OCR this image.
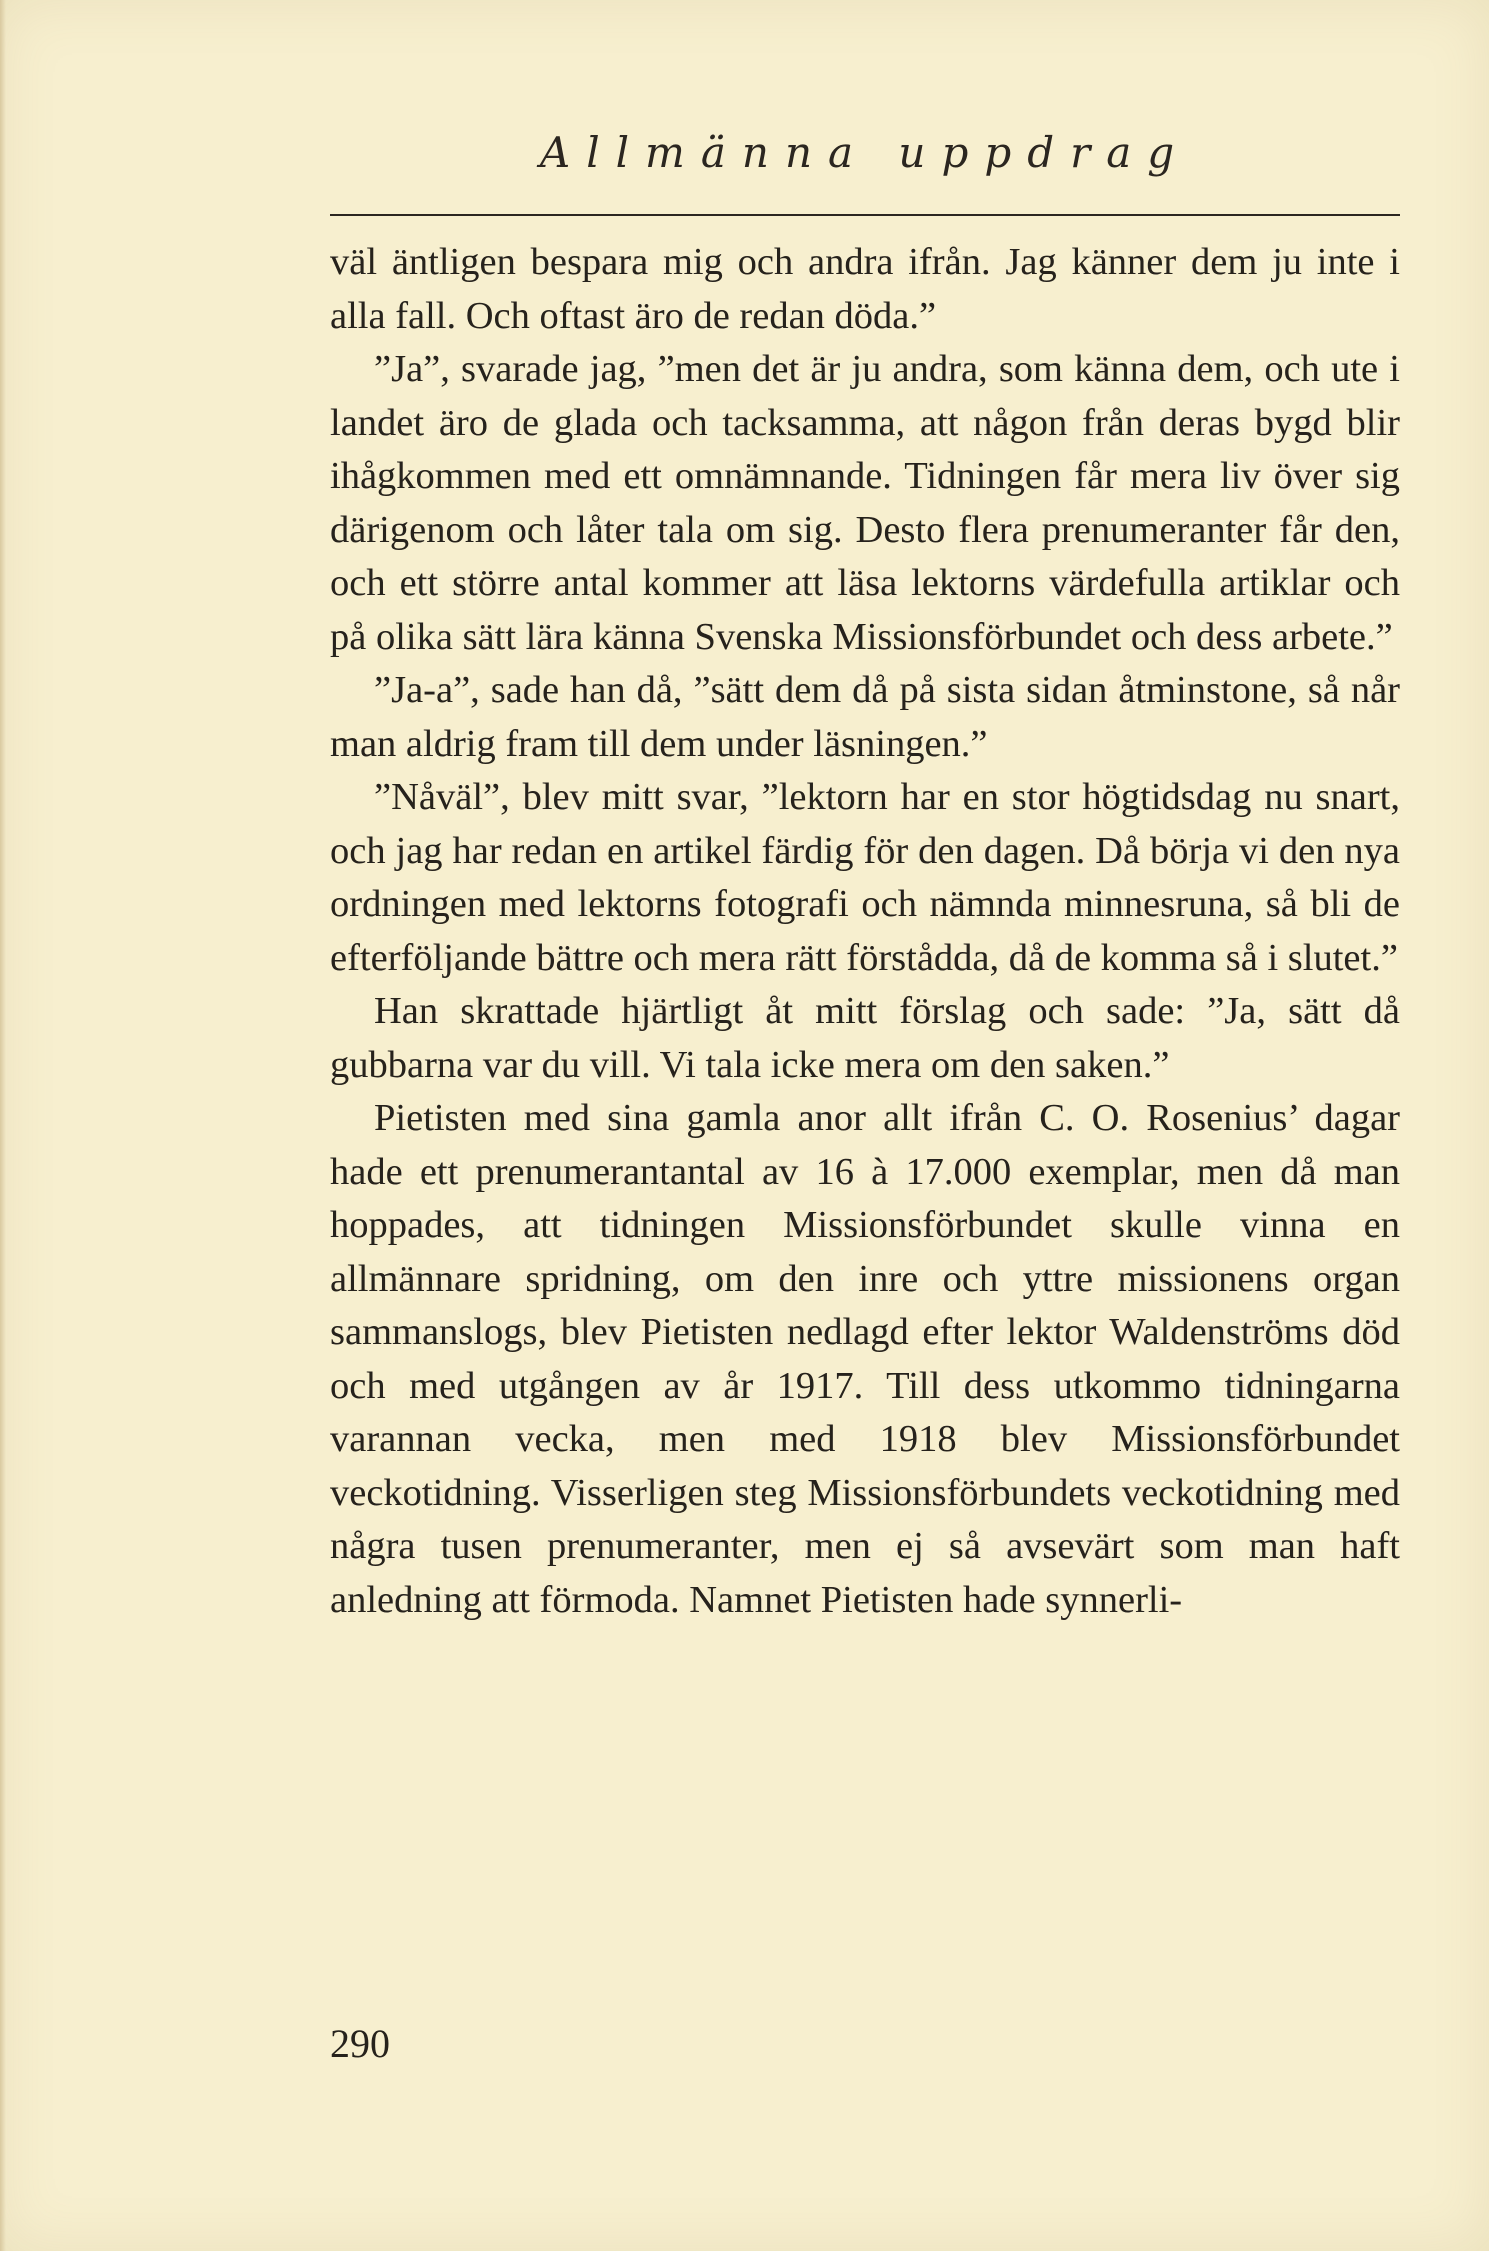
Allmänna uppdrag

väl äntligen bespara mig och andra ifrån. Jag känner dem ju inte i alla fall. Och oftast äro de redan döda.”

”Ja”, svarade jag, ”men det är ju andra, som känna dem, och ute i landet äro de glada och tacksamma, att någon från deras bygd blir ihågkommen med ett omnämnande. Tidningen får mera liv över sig därigenom och låter tala om sig. Desto flera prenumeranter får den, och ett större antal kommer att läsa lektorns värdefulla artiklar och på olika sätt lära känna Svenska Missionsförbundet och dess arbete.”

”Ja-a”, sade han då, ”sätt dem då på sista sidan åtminstone, så når man aldrig fram till dem under läsningen.”

”Nåväl”, blev mitt svar, ”lektorn har en stor högtidsdag nu snart, och jag har redan en artikel färdig för den dagen. Då börja vi den nya ordningen med lektorns fotografi och nämnda minnesruna, så bli de efterföljande bättre och mera rätt förstådda, då de komma så i slutet.”

Han skrattade hjärtligt åt mitt förslag och sade: ”Ja, sätt då gubbarna var du vill. Vi tala icke mera om den saken.”

Pietisten med sina gamla anor allt ifrån C. O. Rosenius’ dagar hade ett prenumerantantal av 16 à 17.000 exemplar, men då man hoppades, att tidningen Missionsförbundet skulle vinna en allmännare spridning, om den inre och yttre missionens organ sammanslogs, blev Pietisten nedlagd efter lektor Waldenströms död och med utgången av år 1917. Till dess utkommo tidningarna varannan vecka, men med 1918 blev Missionsförbundet veckotidning. Visserligen steg Missionsförbundets veckotidning med några tusen prenumeranter, men ej så avsevärt som man haft anledning att förmoda. Namnet Pietisten hade synnerli-

290
